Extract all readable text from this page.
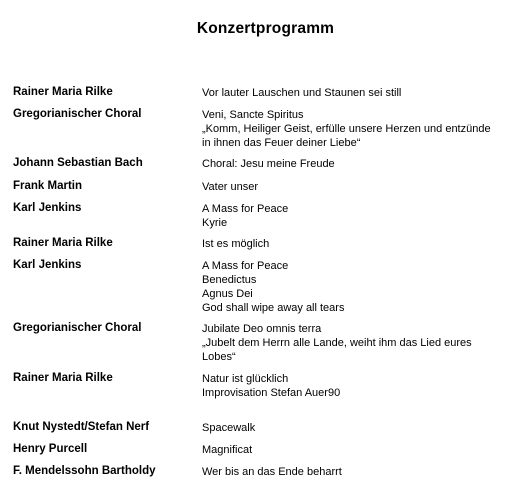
Konzertprogramm
Rainer Maria Rilke	Vor lauter Lauschen und Staunen sei still
Gregorianischer Choral	Veni, Sancte Spiritus
„Komm, Heiliger Geist, erfülle unsere Herzen und entzünde
in ihnen das Feuer deiner Liebe“
Johann Sebastian Bach	Choral: Jesu meine Freude
Frank Martin	Vater unser
Karl Jenkins	A Mass for Peace
Kyrie
Rainer Maria Rilke	Ist es möglich
Karl Jenkins	A Mass for Peace
Benedictus
Agnus Dei
God shall wipe away all tears
Gregorianischer Choral	Jubilate Deo omnis terra
„Jubelt dem Herrn alle Lande, weiht ihm das Lied eures
Lobes“
Rainer Maria Rilke	Natur ist glücklich
Improvisation Stefan Auer90
Knut Nystedt/Stefan Nerf	Spacewalk
Henry Purcell	Magnificat
F. Mendelssohn Bartholdy	Wer bis an das Ende beharrt
